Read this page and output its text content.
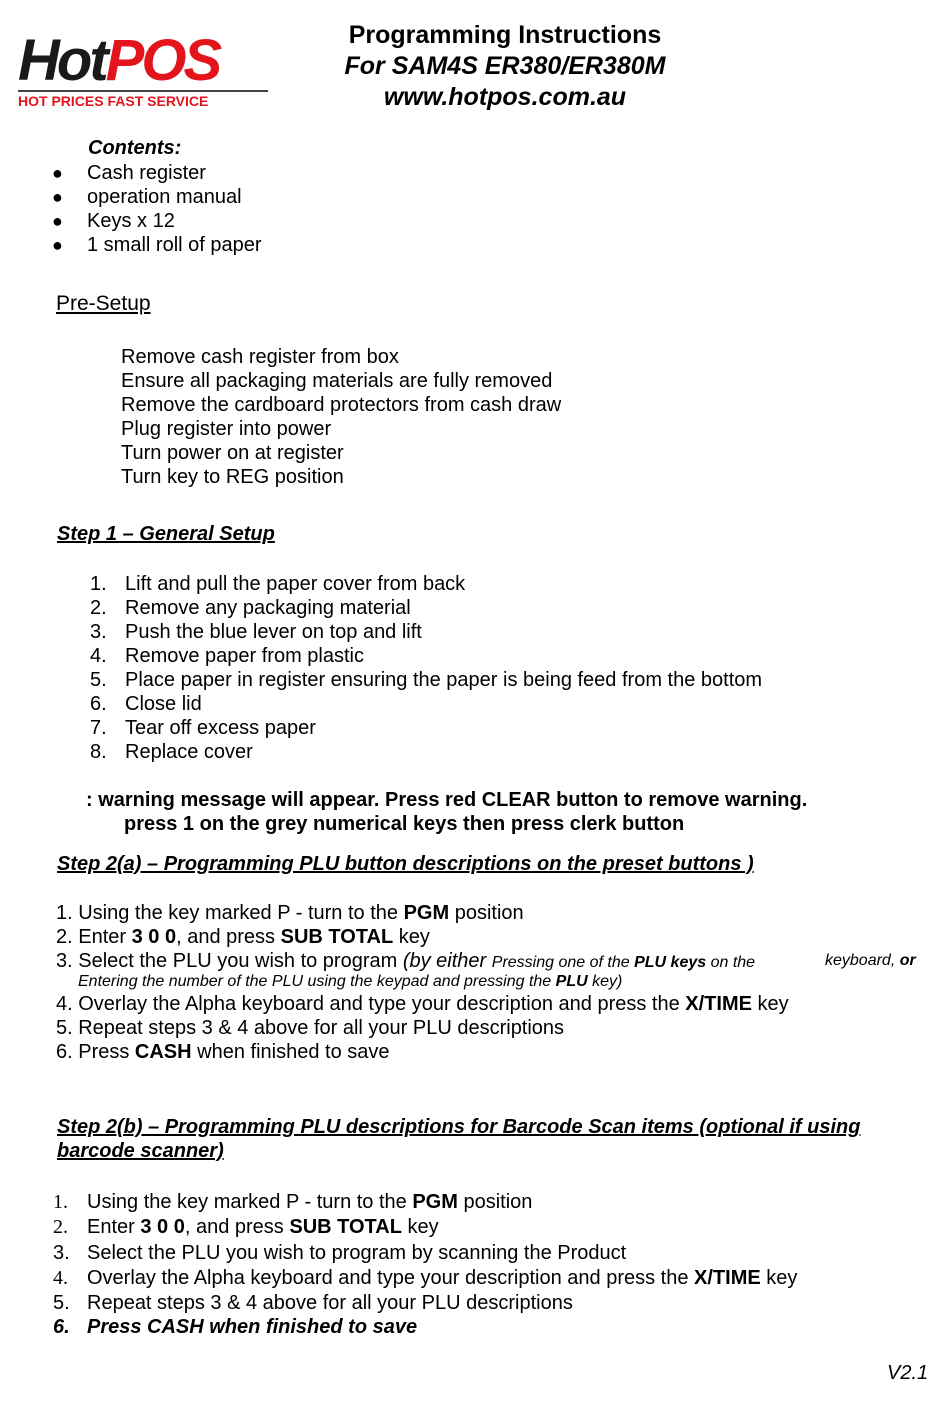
HotPOS
HOT PRICES FAST SERVICE
Programming Instructions
For SAM4S ER380/ER380M
www.hotpos.com.au
Contents:
● Cash register
● operation manual
● Keys x 12
● 1 small roll of paper
Pre-Setup
Remove cash register from box
Ensure all packaging materials are fully removed
Remove the cardboard protectors from cash draw
Plug register into power
Turn power on at register
Turn key to REG position
Step 1 – General Setup
1. Lift and pull the paper cover from back
2. Remove any packaging material
3. Push the blue lever on top and lift
4. Remove paper from plastic
5. Place paper in register ensuring the paper is being feed from the bottom
6. Close lid
7. Tear off excess paper
8. Replace cover
: warning message will appear. Press red CLEAR button to remove warning.
press 1 on the grey numerical keys then press clerk button
Step 2(a) – Programming PLU button descriptions on the preset buttons )
1. Using the key marked P - turn to the PGM position
2. Enter 3 0 0, and press SUB TOTAL key
3. Select the PLU you wish to program (by either Pressing one of the PLU keys on the	keyboard, or
Entering the number of the PLU using the keypad and pressing the PLU key)
4. Overlay the Alpha keyboard and type your description and press the X/TIME key
5. Repeat steps 3 & 4 above for all your PLU descriptions
6. Press CASH when finished to save
Step 2(b) – Programming PLU descriptions for Barcode Scan items (optional if using
barcode scanner)
1. Using the key marked P - turn to the PGM position
2. Enter 3 0 0, and press SUB TOTAL key
3. Select the PLU you wish to program by scanning the Product
4. Overlay the Alpha keyboard and type your description and press the X/TIME key
5. Repeat steps 3 & 4 above for all your PLU descriptions
6. Press CASH when finished to save
V2.1
